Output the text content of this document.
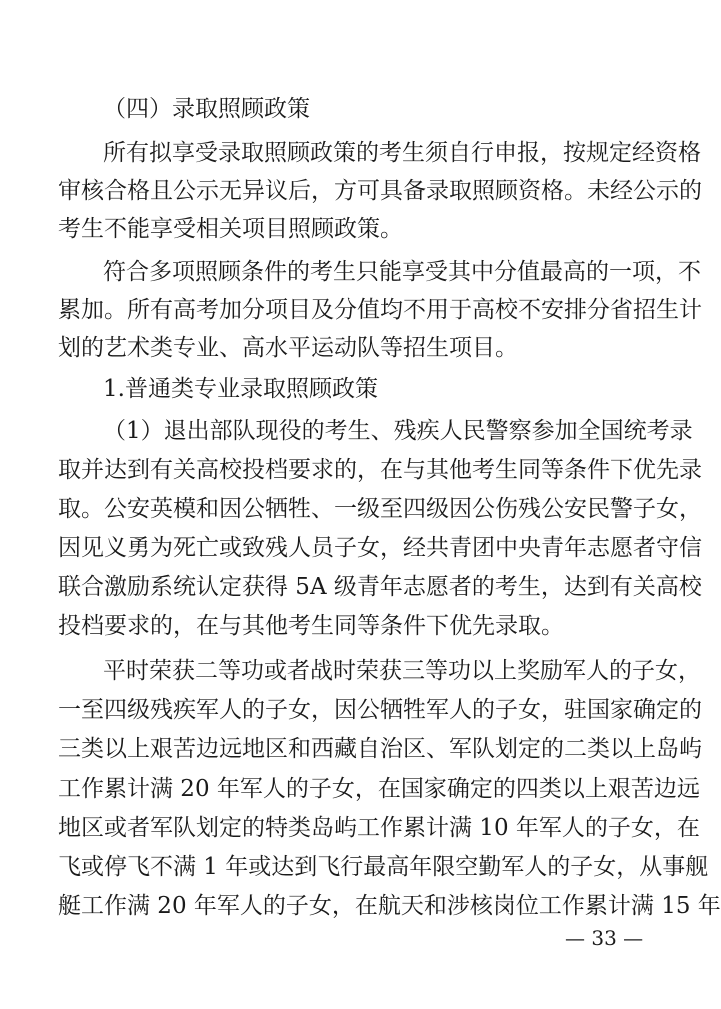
（四）录取照顾政策
所有拟享受录取照顾政策的考生须自行申报，按规定经资格
审核合格且公示无异议后，方可具备录取照顾资格。未经公示的
考生不能享受相关项目照顾政策。
符合多项照顾条件的考生只能享受其中分值最高的一项，不
累加。所有高考加分项目及分值均不用于高校不安排分省招生计
划的艺术类专业、高水平运动队等招生项目。
1.普通类专业录取照顾政策
（1）退出部队现役的考生、残疾人民警察参加全国统考录
取并达到有关高校投档要求的，在与其他考生同等条件下优先录
取。公安英模和因公牺牲、一级至四级因公伤残公安民警子女，
因见义勇为死亡或致残人员子女，经共青团中央青年志愿者守信
联合激励系统认定获得 5A 级青年志愿者的考生，达到有关高校
投档要求的，在与其他考生同等条件下优先录取。
平时荣获二等功或者战时荣获三等功以上奖励军人的子女，
一至四级残疾军人的子女，因公牺牲军人的子女，驻国家确定的
三类以上艰苦边远地区和西藏自治区、军队划定的二类以上岛屿
工作累计满 20 年军人的子女，在国家确定的四类以上艰苦边远
地区或者军队划定的特类岛屿工作累计满 10 年军人的子女，在
飞或停飞不满 1 年或达到飞行最高年限空勤军人的子女，从事舰
艇工作满 20 年军人的子女，在航天和涉核岗位工作累计满 15 年
— 33 —
